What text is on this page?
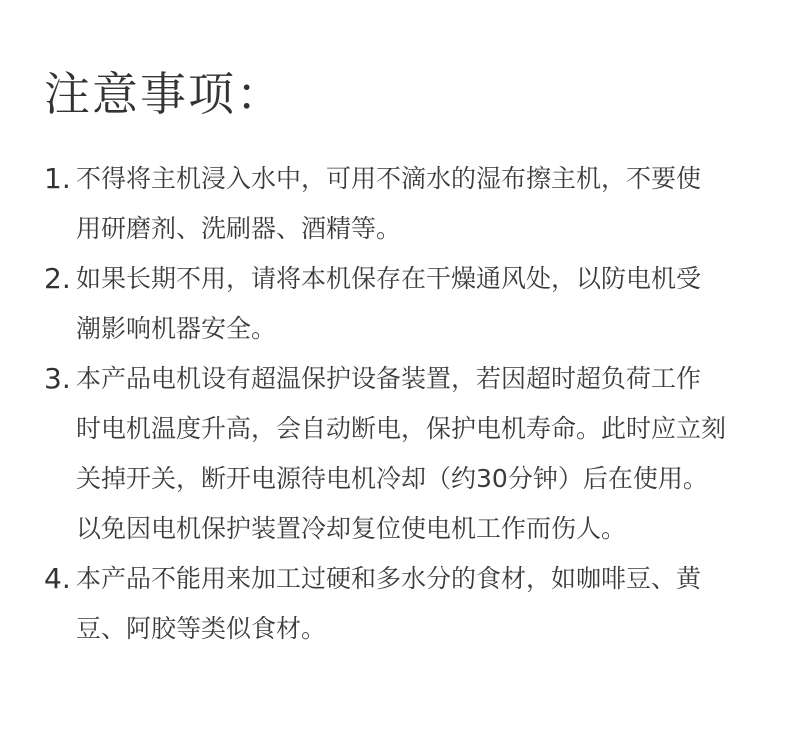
注意事项：
1. 不得将主机浸入水中，可用不滴水的湿布擦主机，不要使
用研磨剂、洗刷器、酒精等。
2. 如果长期不用，请将本机保存在干燥通风处，以防电机受
潮影响机器安全。
3. 本产品电机设有超温保护设备装置，若因超时超负荷工作
时电机温度升高，会自动断电，保护电机寿命。此时应立刻
关掉开关，断开电源待电机冷却（约30分钟）后在使用。
以免因电机保护装置冷却复位使电机工作而伤人。
4. 本产品不能用来加工过硬和多水分的食材，如咖啡豆、黄
豆、阿胶等类似食材。
